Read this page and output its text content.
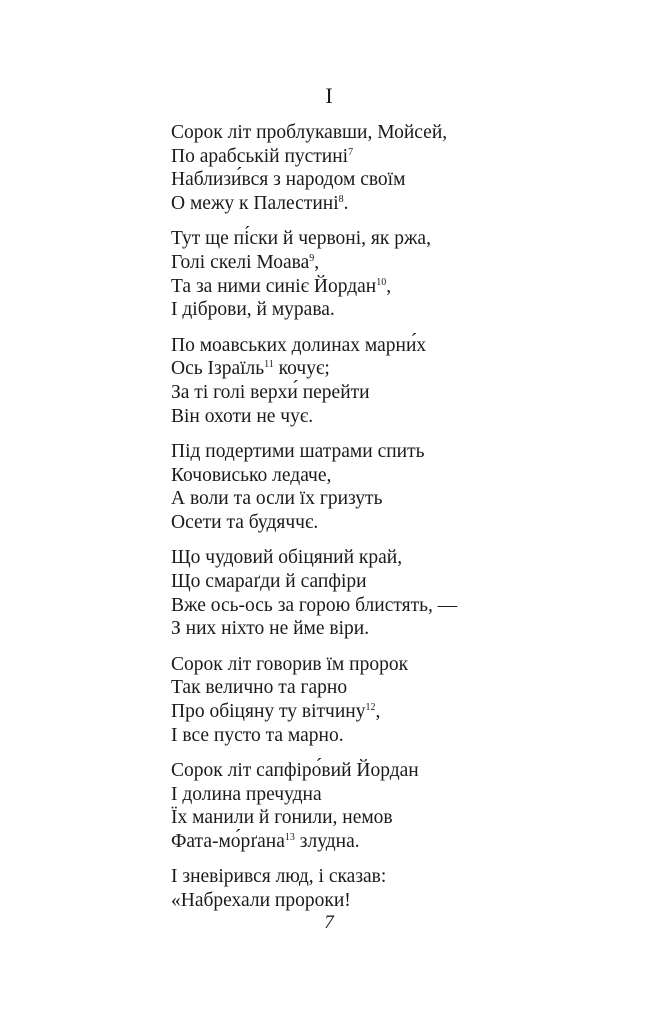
I
Сорок літ проблукавши, Мойсей,
По арабській пустині$^7$
Наблизи́вся з народом своїм
О межу к Палестині$^8$.
Тут ще пі́ски й червоні, як ржа,
Голі скелі Моава$^9$,
Та за ними синіє Йордан$^{10}$,
І діброви, й мурава.
По моавських долинах марни́х
Ось Ізраїль$^{11}$ кочує;
За ті голі верхи́ перейти
Він охоти не чує.
Під подертими шатрами спить
Кочовисько ледаче,
А воли та осли їх гризуть
Осети та будяччє.
Що чудовий обіцяний край,
Що смараґди й сапфіри
Вже ось-ось за горою блистять, —
З них ніхто не йме віри.
Сорок літ говорив їм пророк
Так велично та гарно
Про обіцяну ту вітчину$^{12}$,
І все пусто та марно.
Сорок літ сапфіро́вий Йордан
І долина пречудна
Їх манили й гонили, немов
Фата-мо́рґана$^{13}$ злудна.
І зневірився люд, і сказав:
«Набрехали пророки!
7
